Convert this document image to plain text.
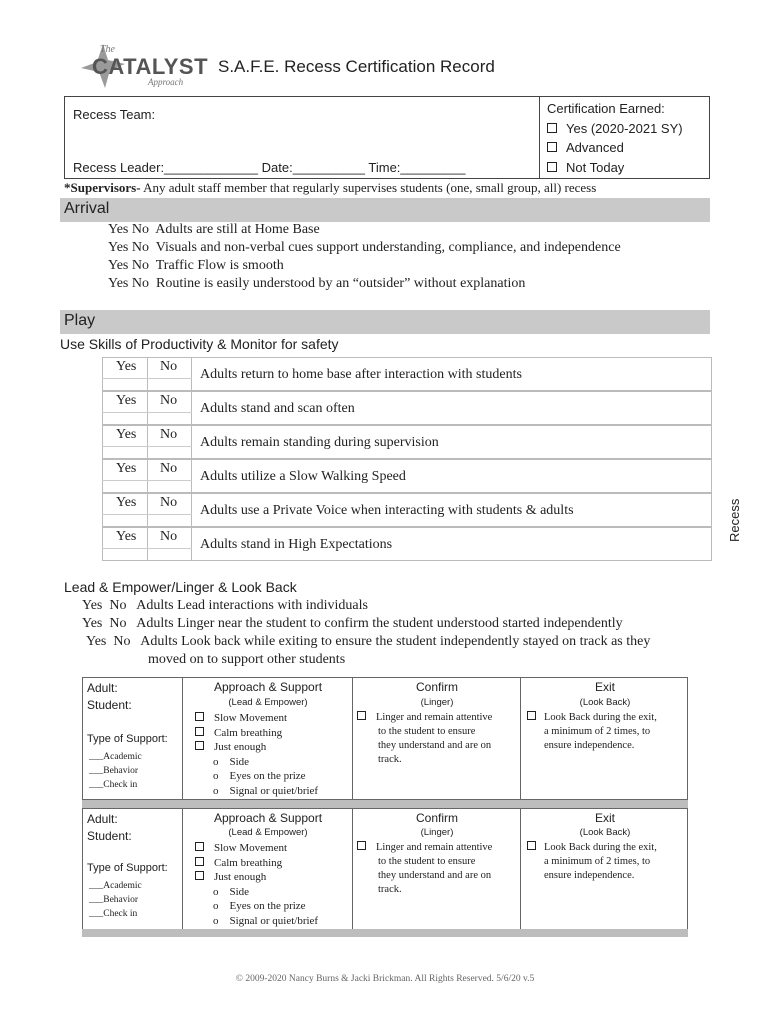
The
CATALYST
Approach
S.A.F.E. Recess Certification Record
Recess Team:
Recess Leader:_____________ Date:__________ Time:_________
Certification Earned:
Yes (2020-2021 SY)
Advanced
Not Today
*Supervisors- Any adult staff member that regularly supervises students (one, small group, all) recess
Arrival
Yes No Adults are still at Home Base
Yes No Visuals and non-verbal cues support understanding, compliance, and independence
Yes No Traffic Flow is smooth
Yes No Routine is easily understood by an “outsider” without explanation
Play
Use Skills of Productivity & Monitor for safety
Yes No
Adults return to home base after interaction with students
Yes No
Adults stand and scan often
Yes No
Adults remain standing during supervision
Yes No
Adults utilize a Slow Walking Speed
Yes No
Adults use a Private Voice when interacting with students & adults
Yes No
Adults stand in High Expectations
Recess
Lead & Empower/Linger & Look Back
Yes No Adults Lead interactions with individuals
Yes No Adults Linger near the student to confirm the student understood started independently
Yes No Adults Look back while exiting to ensure the student independently stayed on track as they
moved on to support other students
Adult:
Student:
Type of Support:
___Academic
___Behavior
___Check in
Approach & Support
(Lead & Empower)
Slow Movement
Calm breathing
Just enough
o Side
o Eyes on the prize
o Signal or quiet/brief
Confirm
(Linger)
Linger and remain attentive
to the student to ensure
they understand and are on
track.
Exit
(Look Back)
Look Back during the exit,
a minimum of 2 times, to
ensure independence.
Adult:
Student:
Type of Support:
___Academic
___Behavior
___Check in
Approach & Support
(Lead & Empower)
Slow Movement
Calm breathing
Just enough
o Side
o Eyes on the prize
o Signal or quiet/brief
Confirm
(Linger)
Linger and remain attentive
to the student to ensure
they understand and are on
track.
Exit
(Look Back)
Look Back during the exit,
a minimum of 2 times, to
ensure independence.
© 2009-2020 Nancy Burns & Jacki Brickman. All Rights Reserved. 5/6/20 v.5
